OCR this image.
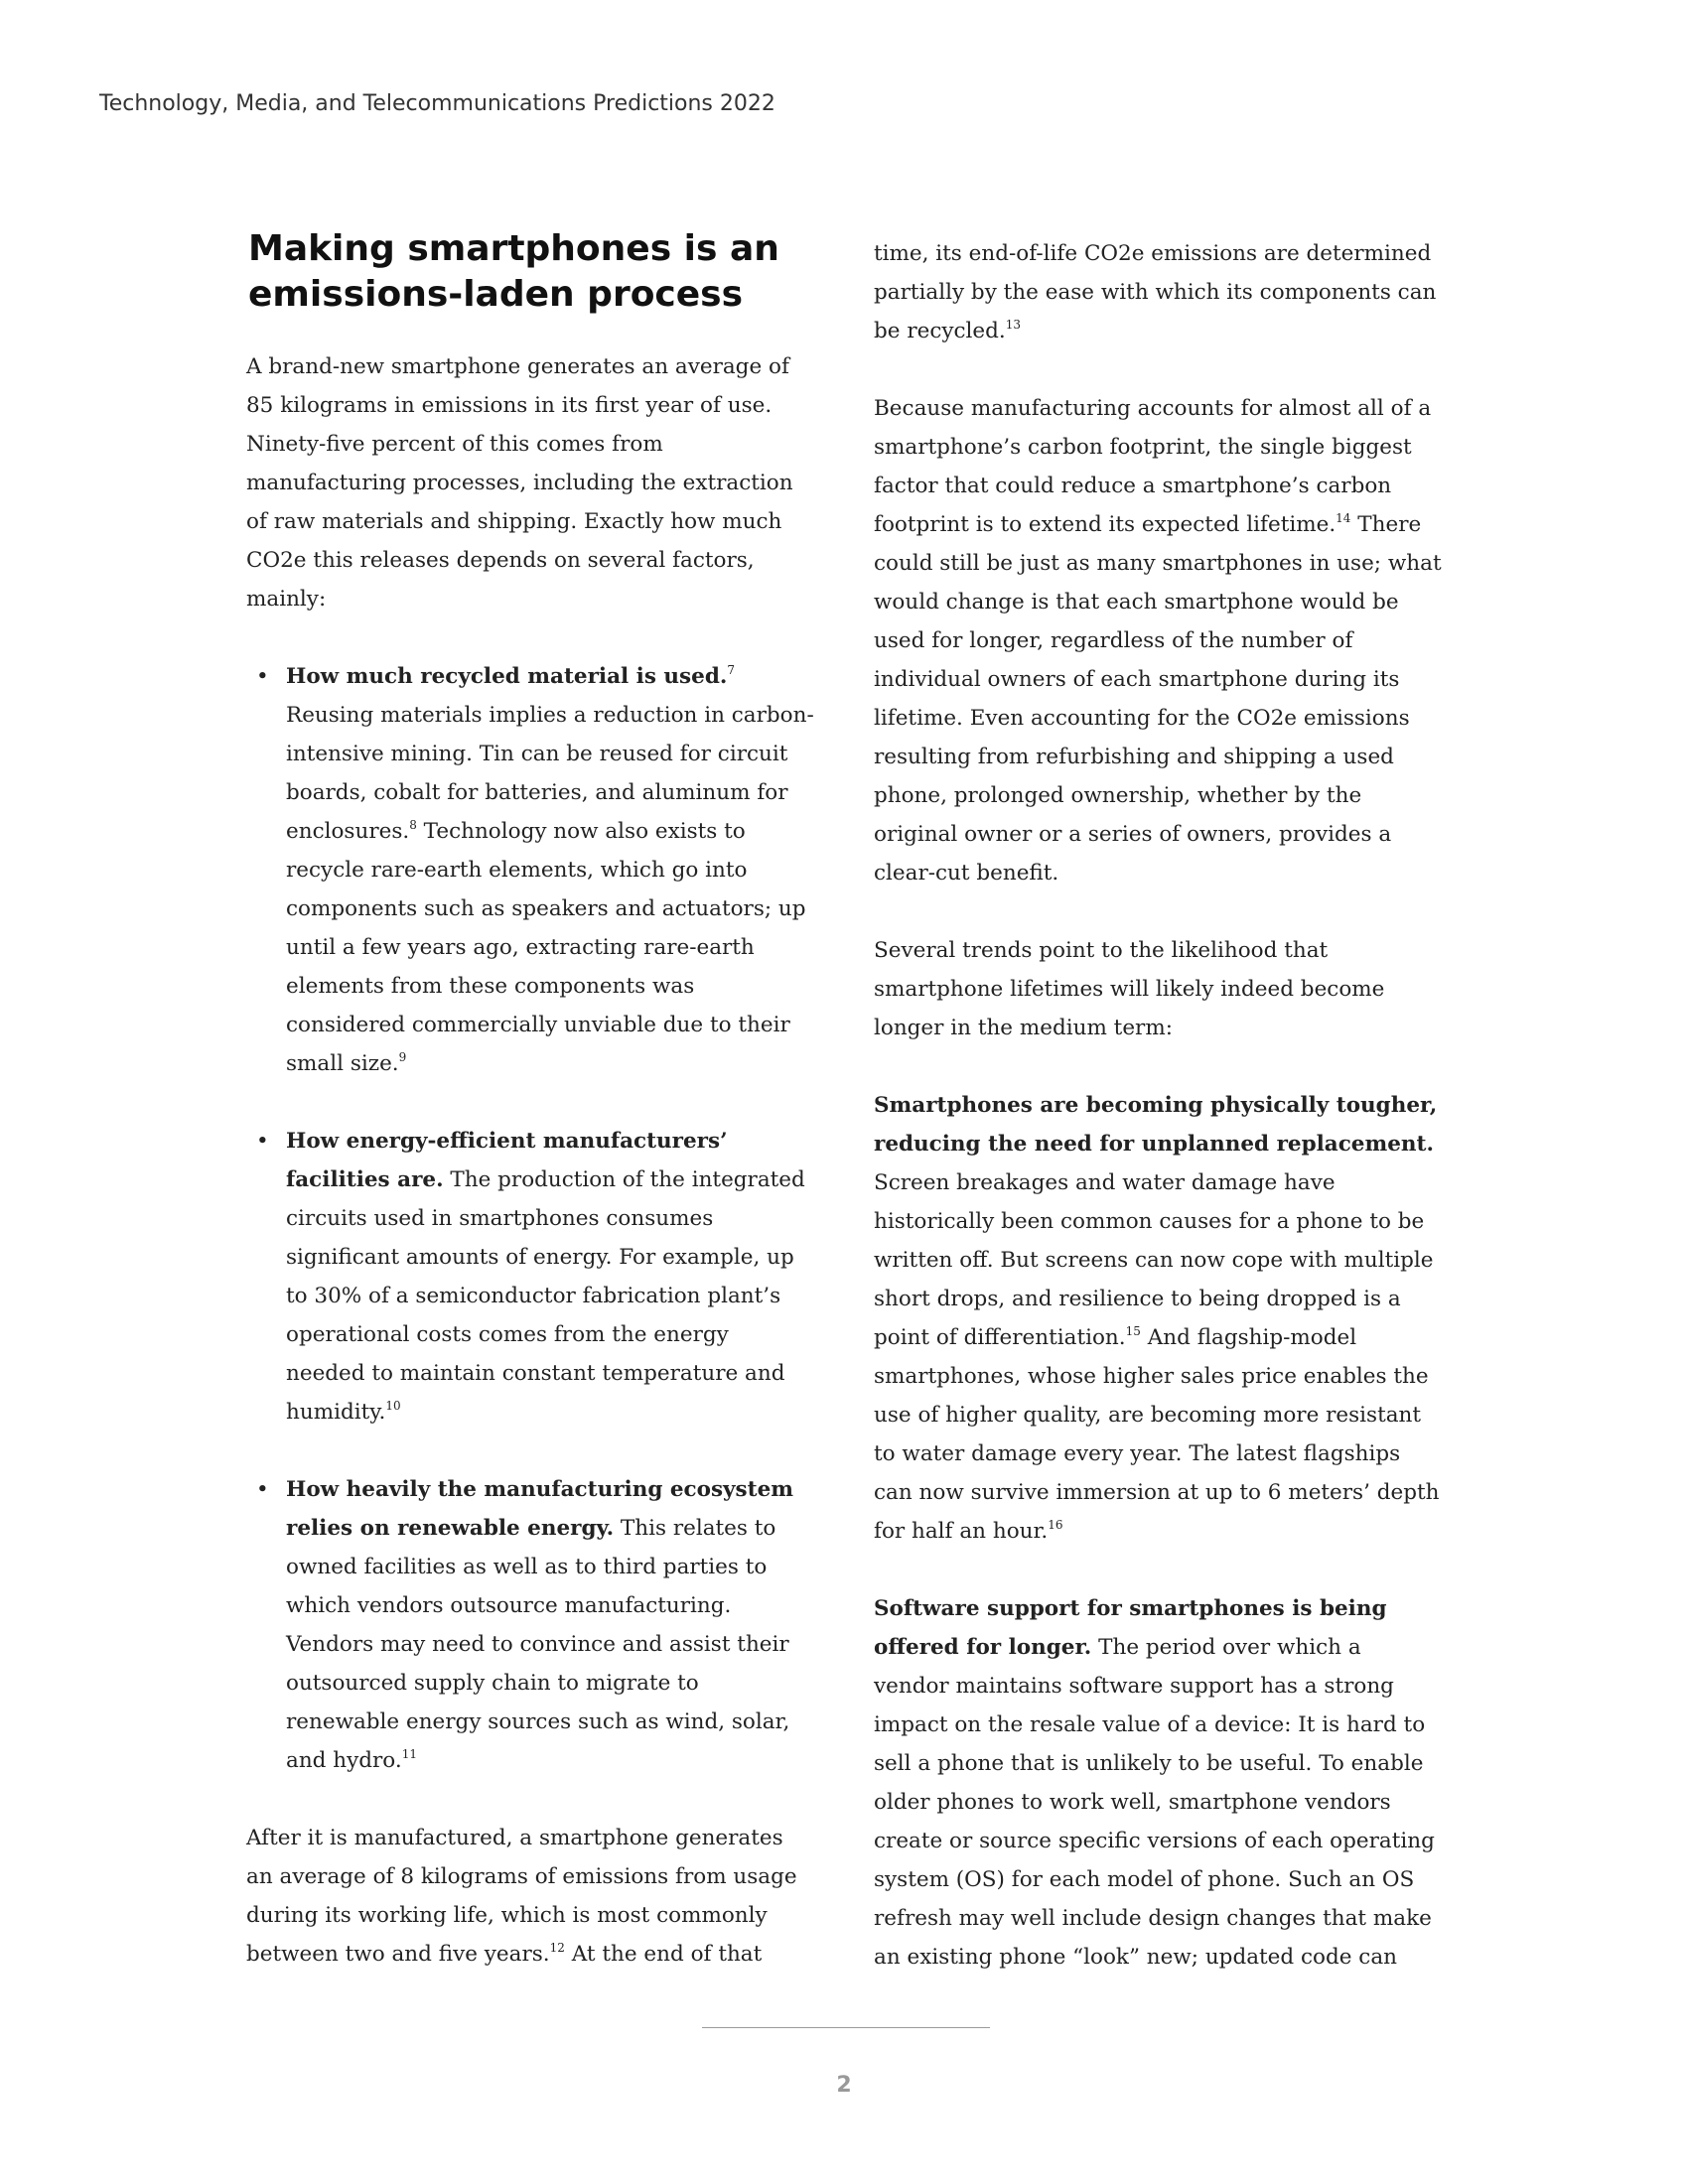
Technology, Media, and Telecommunications Predictions 2022
Making smartphones is an emissions-laden process

A brand-new smartphone generates an average of 85 kilograms in emissions in its first year of use. Ninety-five percent of this comes from manufacturing processes, including the extraction of raw materials and shipping. Exactly how much CO2e this releases depends on several factors, mainly:

• How much recycled material is used.$^7$ Reusing materials implies a reduction in carbon-intensive mining. Tin can be reused for circuit boards, cobalt for batteries, and aluminum for enclosures.$^8$ Technology now also exists to recycle rare-earth elements, which go into components such as speakers and actuators; up until a few years ago, extracting rare-earth elements from these components was considered commercially unviable due to their small size.$^9$
• How energy-efficient manufacturers’ facilities are. The production of the integrated circuits used in smartphones consumes significant amounts of energy. For example, up to 30% of a semiconductor fabrication plant’s operational costs comes from the energy needed to maintain constant temperature and humidity.$^{10}$
• How heavily the manufacturing ecosystem relies on renewable energy. This relates to owned facilities as well as to third parties to which vendors outsource manufacturing. Vendors may need to convince and assist their outsourced supply chain to migrate to renewable energy sources such as wind, solar, and hydro.$^{11}$

After it is manufactured, a smartphone generates an average of 8 kilograms of emissions from usage during its working life, which is most commonly between two and five years.$^{12}$ At the end of that

time, its end-of-life CO2e emissions are determined partially by the ease with which its components can be recycled.$^{13}$

Because manufacturing accounts for almost all of a smartphone’s carbon footprint, the single biggest factor that could reduce a smartphone’s carbon footprint is to extend its expected lifetime.$^{14}$ There could still be just as many smartphones in use; what would change is that each smartphone would be used for longer, regardless of the number of individual owners of each smartphone during its lifetime. Even accounting for the CO2e emissions resulting from refurbishing and shipping a used phone, prolonged ownership, whether by the original owner or a series of owners, provides a clear-cut benefit.

Several trends point to the likelihood that smartphone lifetimes will likely indeed become longer in the medium term:

Smartphones are becoming physically tougher, reducing the need for unplanned replacement. Screen breakages and water damage have historically been common causes for a phone to be written off. But screens can now cope with multiple short drops, and resilience to being dropped is a point of differentiation.$^{15}$ And flagship-model smartphones, whose higher sales price enables the use of higher quality, are becoming more resistant to water damage every year. The latest flagships can now survive immersion at up to 6 meters’ depth for half an hour.$^{16}$

Software support for smartphones is being offered for longer. The period over which a vendor maintains software support has a strong impact on the resale value of a device: It is hard to sell a phone that is unlikely to be useful. To enable older phones to work well, smartphone vendors create or source specific versions of each operating system (OS) for each model of phone. Such an OS refresh may well include design changes that make an existing phone “look” new; updated code can

2
